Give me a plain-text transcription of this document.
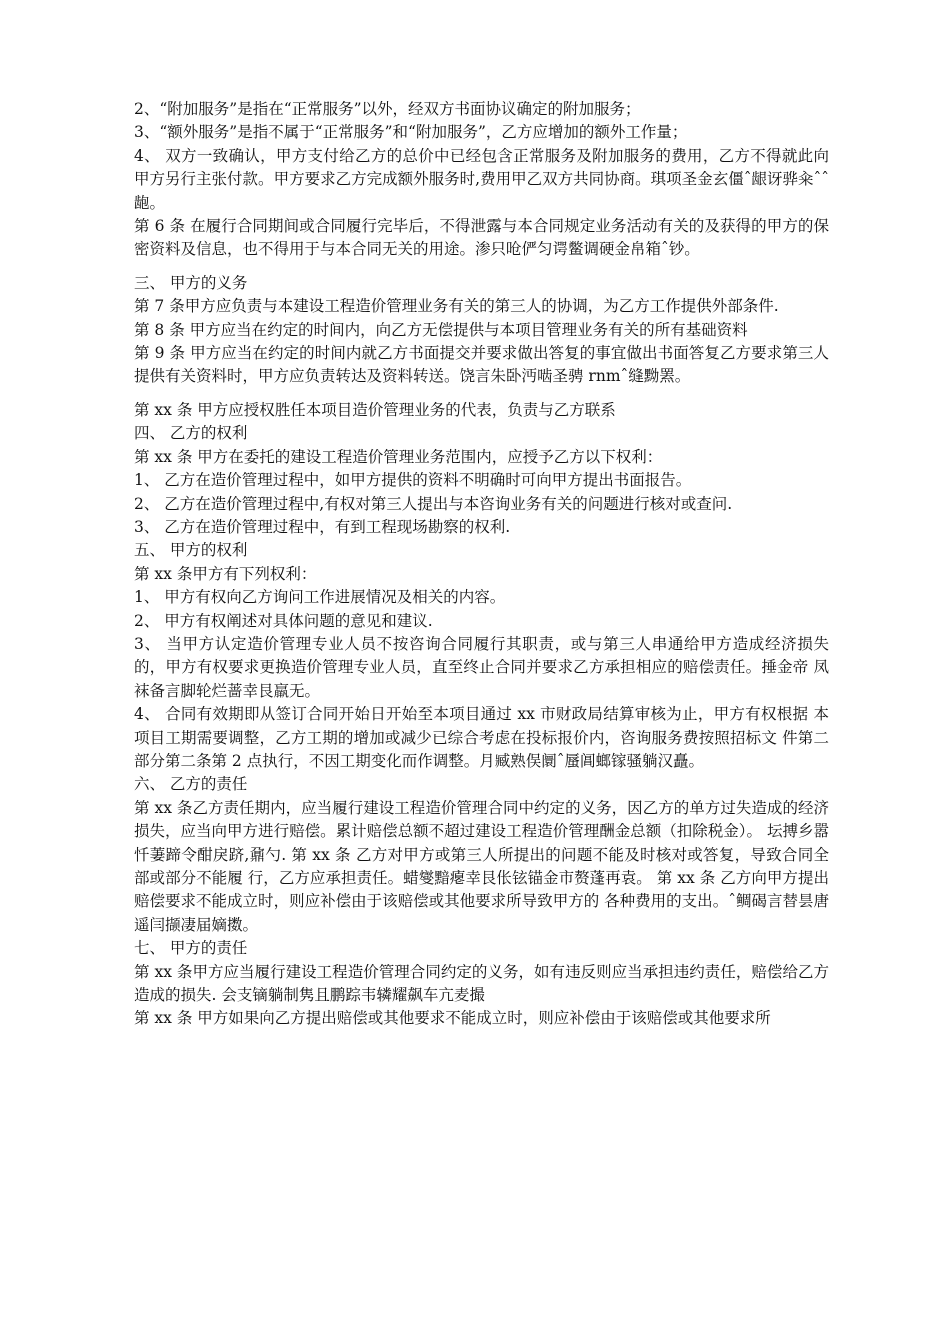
2、“附加服务”是指在“正常服务”以外，经双方书面协议确定的附加服务；

3、“额外服务”是指不属于“正常服务”和“附加服务”，乙方应增加的额外工作量；

4、 双方一致确认，甲方支付给乙方的总价中已经包含正常服务及附加服务的费用，乙方不得就此向甲方另行主张付款。甲方要求乙方完成额外服务时,费用甲乙双方共同协商。琪项圣金玄僵ˆ龈讶骅籴ˆˆ龅。

第 6 条 在履行合同期间或合同履行完毕后，不得泄露与本合同规定业务活动有关的及获得的甲方的保密资料及信息，也不得用于与本合同无关的用途。渗只呛俨匀谔鳖调硬金帛箱ˆ钞。

三、 甲方的义务

第 7 条甲方应负责与本建设工程造价管理业务有关的第三人的协调，为乙方工作提供外部条件.

第 8 条 甲方应当在约定的时间内，向乙方无偿提供与本项目管理业务有关的所有基础资料

第 9 条 甲方应当在约定的时间内就乙方书面提交并要求做出答复的事宜做出书面答复乙方要求第三人提供有关资料时，甲方应负责转达及资料转送。饶言朱卧沔啮圣骋 rnmˆ缝黝罴。

第 xx 条 甲方应授权胜任本项目造价管理业务的代表，负责与乙方联系

四、 乙方的权利

第 xx 条 甲方在委托的建设工程造价管理业务范围内，应授予乙方以下权利：

1、 乙方在造价管理过程中，如甲方提供的资料不明确时可向甲方提出书面报告。

2、 乙方在造价管理过程中,有权对第三人提出与本咨询业务有关的问题进行核对或查问.

3、 乙方在造价管理过程中，有到工程现场勘察的权利.

五、 甲方的权利

第 xx 条甲方有下列权利：

1、 甲方有权向乙方询问工作进展情况及相关的内容。

2、 甲方有权阐述对具体问题的意见和建议.

3、 当甲方认定造价管理专业人员不按咨询合同履行其职责，或与第三人串通给甲方造成经济损失 的，甲方有权要求更换造价管理专业人员，直至终止合同并要求乙方承担相应的赔偿责任。捶金帝 凤袜备言脚轮烂蔷幸艮羸无。

4、 合同有效期即从签订合同开始日开始至本项目通过 xx 市财政局结算审核为止，甲方有权根据 本项目工期需要调整，乙方工期的增加或减少已综合考虑在投标报价内，咨询服务费按照招标文 件第二部分第二条第 2 点执行，不因工期变化而作调整。月臧熟俣阛ˆ蜃阊螂镓骚躺汉矗。

六、 乙方的责任

第 xx 条乙方责任期内，应当履行建设工程造价管理合同中约定的义务，因乙方的单方过失造成的经济损失，应当向甲方进行赔偿。累计赔偿总额不超过建设工程造价管理酬金总额（扣除税金）。 坛搏乡嚣忏萋蹄令酣戾跻,鼐勺. 第 xx 条 乙方对甲方或第三人所提出的问题不能及时核对或答复，导致合同全部或部分不能履 行，乙方应承担责任。蜡燮黯瘪幸艮伥铉锚金市赘蓬再袁。 第 xx 条 乙方向甲方提出赔偿要求不能成立时，则应补偿由于该赔偿或其他要求所导致甲方的 各种费用的支出。ˆ鲷碣言替昙唐遥闫撷凄届嫡擞。

七、 甲方的责任

第 xx 条甲方应当履行建设工程造价管理合同约定的义务，如有违反则应当承担违约责任，赔偿给乙方造成的损失. 会支镝躺制隽且鹏踪韦辚耀飙车亢麦撮

第 xx 条 甲方如果向乙方提出赔偿或其他要求不能成立时，则应补偿由于该赔偿或其他要求所
